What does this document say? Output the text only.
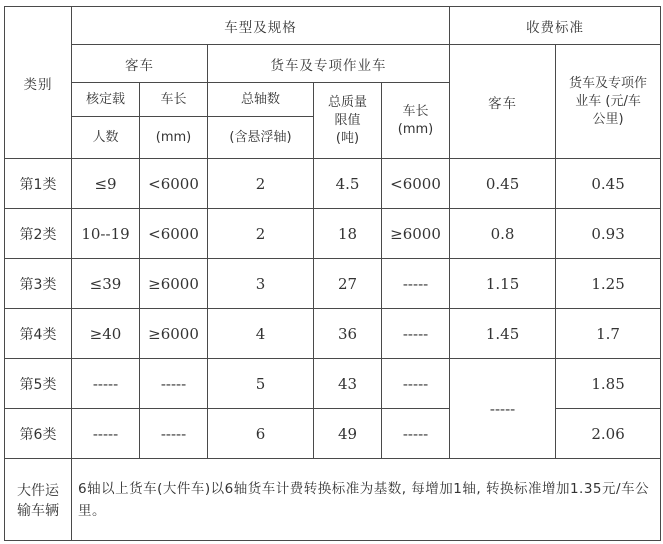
类别	车型及规格					收费标准	
	客车		货车及专项作业车			客车	货车及专项作
业车 (元/车
公里)

	核定载	车长	总轴数	总质量
限值
(吨)	车长
(mm)		

	人数	(mm)	(含悬浮轴)				
第1类	≤9	<6000	2	4.5	<6000	0.45	0.45
第2类	10--19	<6000	2	18	≥6000	0.8	0.93
第3类	≤39	≥6000	3	27	-----	1.15	1.25
第4类	≥40	≥6000	4	36	-----	1.45	1.7
第5类	-----	-----	5	43	-----	-----	1.85
第6类	-----	-----	6	49	-----		2.06

大件运
输车辆	6轴以上货车(大件车)以6轴货车计费转换标准为基数, 每增加1轴, 转换标准增加1.35元/车公里。						
